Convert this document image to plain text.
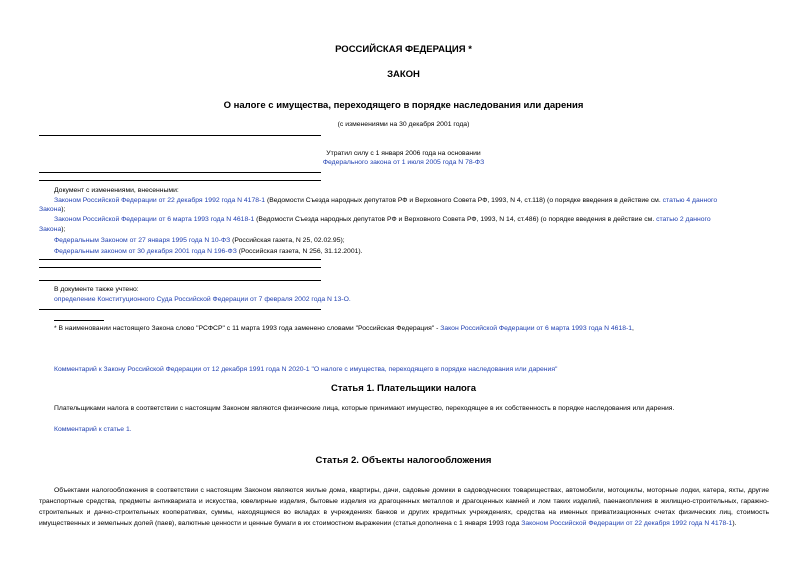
РОССИЙСКАЯ ФЕДЕРАЦИЯ *
ЗАКОН
О налоге с имущества, переходящего в порядке наследования или дарения
(с изменениями на 30 декабря 2001 года)
Утратил силу с 1 января 2006 года на основании
Федерального закона от 1 июля 2005 года N 78-ФЗ
Документ с изменениями, внесенными:
Законом Российской Федерации от 22 декабря 1992 года N 4178-1 (Ведомости Съезда народных депутатов РФ и Верховного Совета РФ, 1993, N 4, ст.118) (о порядке введения в действие см. статью 4 данного
Закона);
Законом Российской Федерации от 6 марта 1993 года N 4618-1 (Ведомости Съезда народных депутатов РФ и Верховного Совета РФ, 1993, N 14, ст.486) (о порядке введения в действие см. статью 2 данного
Закона);
Федеральным Законом от 27 января 1995 года N 10-ФЗ (Российская газета, N 25, 02.02.95);
Федеральным законом от 30 декабря 2001 года N 196-ФЗ (Российская газета, N 256, 31.12.2001).
В документе также учтено:
определение Конституционного Суда Российской Федерации от 7 февраля 2002 года N 13-О.
* В наименовании настоящего Закона слово "РСФСР" с 11 марта 1993 года заменено словами "Российская Федерация" - Закон Российской Федерации от 6 марта 1993 года N 4618-1,
Комментарий к Закону Российской Федерации от 12 декабря 1991 года N 2020-1 "О налоге с имущества, переходящего в порядке наследования или дарения"
Статья 1. Плательщики налога
Плательщиками налога в соответствии с настоящим Законом являются физические лица, которые принимают имущество, переходящее в их собственность в порядке наследования или дарения.
Комментарий к статье 1.
Статья 2. Объекты налогообложения
Объектами налогообложения в соответствии с настоящим Законом являются жилые дома, квартиры, дачи, садовые домики в садоводческих товариществах, автомобили, мотоциклы, моторные лодки, катера, яхты, другие транспортные средства, предметы антиквариата и искусства, ювелирные изделия, бытовые изделия из драгоценных металлов и драгоценных камней и лом таких изделий, паенакопления в жилищно-строительных, гаражно-строительных и дачно-строительных кооперативах, суммы, находящиеся во вкладах в учреждениях банков и других кредитных учреждениях, средства на именных приватизационных счетах физических лиц, стоимость имущественных и земельных долей (паев), валютные ценности и ценные бумаги в их стоимостном выражении (статья дополнена с 1 января 1993 года Законом Российской Федерации от 22 декабря 1992 года N 4178-1).
